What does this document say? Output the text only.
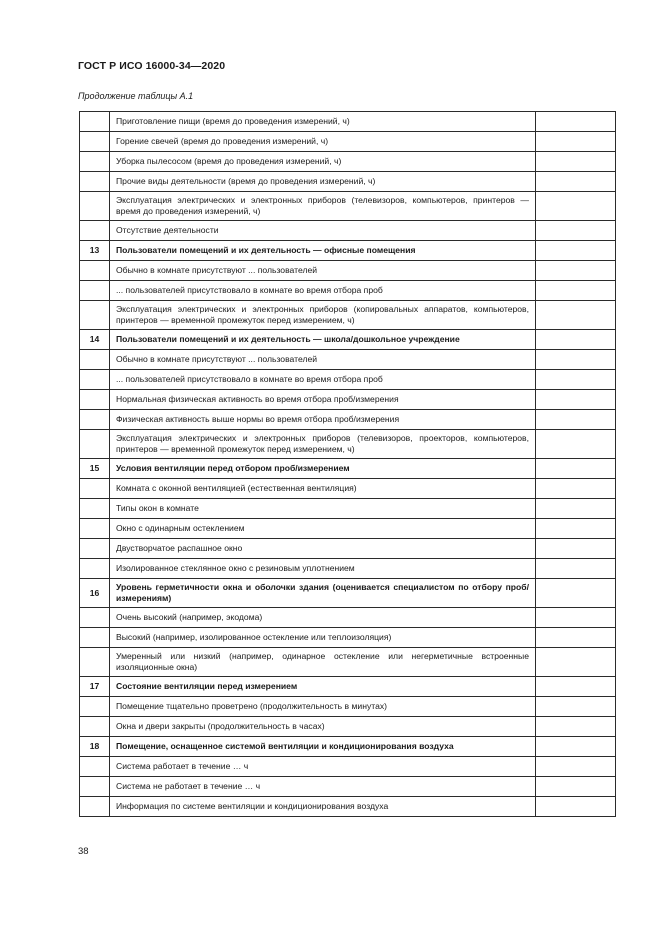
ГОСТ Р ИСО 16000-34—2020
Продолжение таблицы А.1
	Приготовление пищи (время до проведения измерений, ч)	
	Горение свечей (время до проведения измерений, ч)	
	Уборка пылесосом (время до проведения измерений, ч)	
	Прочие виды деятельности (время до проведения измерений, ч)	
	Эксплуатация электрических и электронных приборов (телевизоров, компьютеров, принтеров — время до проведения измерений, ч)	
	Отсутствие деятельности	
13	Пользователи помещений и их деятельность — офисные помещения	
	Обычно в комнате присутствуют ... пользователей	
	... пользователей присутствовало в комнате во время отбора проб	
	Эксплуатация электрических и электронных приборов (копировальных аппаратов, компьютеров, принтеров — временной промежуток перед измерением, ч)	
14	Пользователи помещений и их деятельность — школа/дошкольное учреждение	
	Обычно в комнате присутствуют ... пользователей	
	... пользователей присутствовало в комнате во время отбора проб	
	Нормальная физическая активность во время отбора проб/измерения	
	Физическая активность выше нормы во время отбора проб/измерения	
	Эксплуатация электрических и электронных приборов (телевизоров, проекторов, компьютеров, принтеров — временной промежуток перед измерением, ч)	
15	Условия вентиляции перед отбором проб/измерением	
	Комната с оконной вентиляцией (естественная вентиляция)	
	Типы окон в комнате	
	Окно с одинарным остеклением	
	Двустворчатое распашное окно	
	Изолированное стеклянное окно с резиновым уплотнением	
16	Уровень герметичности окна и оболочки здания (оценивается специалистом по отбору проб/измерениям)	
	Очень высокий (например, экодома)	
	Высокий (например, изолированное остекление или теплоизоляция)	
	Умеренный или низкий (например, одинарное остекление или негерметичные встроенные изоляционные окна)	
17	Состояние вентиляции перед измерением	
	Помещение тщательно проветрено (продолжительность в минутах)	
	Окна и двери закрыты (продолжительность в часах)	
18	Помещение, оснащенное системой вентиляции и кондиционирования воздуха	
	Система работает в течение … ч	
	Система не работает в течение … ч	
	Информация по системе вентиляции и кондиционирования воздуха	
38
